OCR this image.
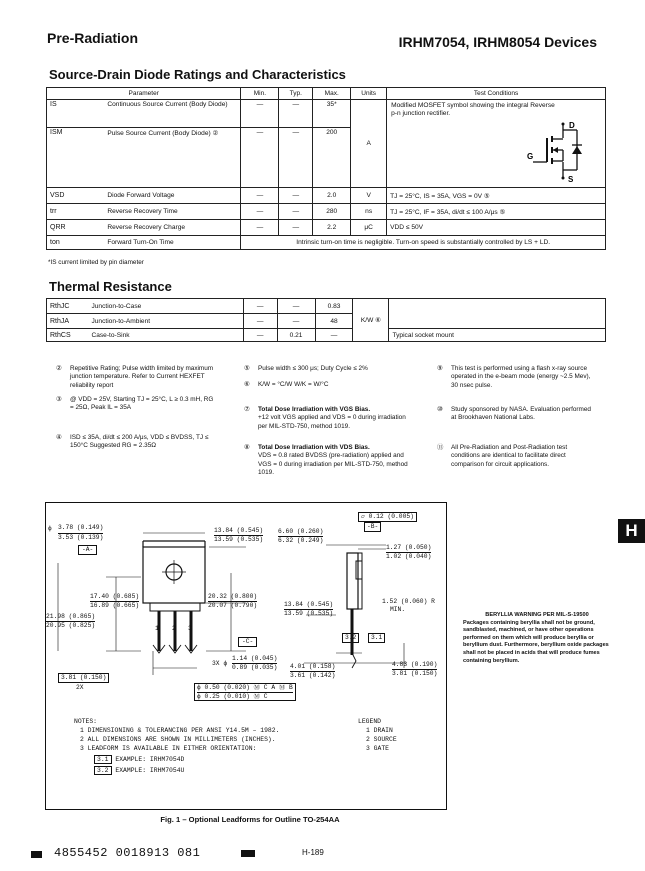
Pre-Radiation	IRHM7054, IRHM8054 Devices
Source-Drain Diode Ratings and Characteristics
Parameter		Min.	Typ.	Max.	Units	Test Conditions
IS	Continuous Source Current (Body Diode)	—	—	35*	A	Modified MOSFET symbol showing the integral Reverse p-n junction rectifier.
D
G
S

ISM	Pulse Source Current (Body Diode) ②	—	—	200		
VSD	Diode Forward Voltage	—	—	2.0	V	TJ = 25°C, IS = 35A, VGS = 0V ⑤
trr	Reverse Recovery Time	—	—	280	ns	TJ = 25°C, IF = 35A, di/dt ≤ 100 A/μs ⑤
QRR	Reverse Recovery Charge	—	—	2.2	μC	VDD ≤ 50V
ton	Forward Turn-On Time	Intrinsic turn-on time is negligible. Turn-on speed is substantially controlled by LS + LD.				
*IS current limited by pin diameter
Thermal Resistance
RthJC	Junction-to-Case	—	—	0.83	K/W ⑥	
RthJA	Junction-to-Ambient	—	—	48		
RthCS	Case-to-Sink	—	0.21	—		Typical socket mount
② Repetitive Rating; Pulse width limited by maximum junction temperature. Refer to Current HEXFET reliability report
③ @ VDD = 25V, Starting TJ = 25°C, L ≥ 0.3 mH, RG = 25Ω, Peak IL = 35A
④ ISD ≤ 35A, di/dt ≤ 200 A/μs, VDD ≤ BVDSS, TJ ≤ 150°C Suggested RG = 2.35Ω
⑤ Pulse width ≤ 300 μs; Duty Cycle ≤ 2%
⑥ K/W = °C/W W/K = W/°C
⑦ Total Dose Irradiation with VGS Bias.
+12 volt VGS applied and VDS = 0 during irradiation per MIL-STD-750, method 1019.
⑧ Total Dose Irradiation with VDS Bias.
VDS = 0.8 rated BVDSS (pre-radiation) applied and VGS = 0 during irradiation per MIL-STD-750, method 1019.
⑨ This test is performed using a flash x-ray source operated in the e-beam mode (energy ~2.5 Mev), 30 nsec pulse.
⑩ Study sponsored by NASA. Evaluation performed at Brookhaven National Labs.
⑪ All Pre-Radiation and Post-Radiation test conditions are identical to facilitate direct comparison for circuit applications.
H
ϕ 3.78 (0.149)
3.53 (0.139)
-A-
13.84 (0.545)
13.59 (0.535)
6.60 (0.260)
6.32 (0.249)
▱ 0.12 (0.005)
-B-
1.27 (0.050)
1.02 (0.040)
17.40 (0.685)
16.89 (0.665)
20.32 (0.800)
20.07 (0.790)
21.98 (0.865)
20.95 (0.825)	1 2 3
-C-
3X ϕ
1.14 (0.045)
0.89 (0.035)
3.81 (0.150)
2X	ϕ 0.50 (0.020) Ⓜ C A Ⓜ B
ϕ 0.25 (0.010) Ⓜ C
13.84 (0.545)
13.59 (0.535)
1.52 (0.060) R
MIN.
4.01 (0.158)
3.61 (0.142)
4.83 (0.190)
3.81 (0.150)
3.1
3.2
NOTES:
1 DIMENSIONING & TOLERANCING PER ANSI Y14.5M – 1982.
2 ALL DIMENSIONS ARE SHOWN IN MILLIMETERS (INCHES).
3 LEADFORM IS AVAILABLE IN EITHER ORIENTATION:
3.1 EXAMPLE: IRHM7054D
3.2 EXAMPLE: IRHM7054U
LEGEND
1 DRAIN
2 SOURCE
3 GATE
BERYLLIA WARNING PER MIL-S-19500
Packages containing beryllia shall not be ground, sandblasted, machined, or have other operations performed on them which will produce beryllia or beryllium dust. Furthermore, beryllium oxide packages shall not be placed in acids that will produce fumes containing beryllium.
Fig. 1 – Optional Leadforms for Outline TO-254AA
4855452 0018913 081	H-189
